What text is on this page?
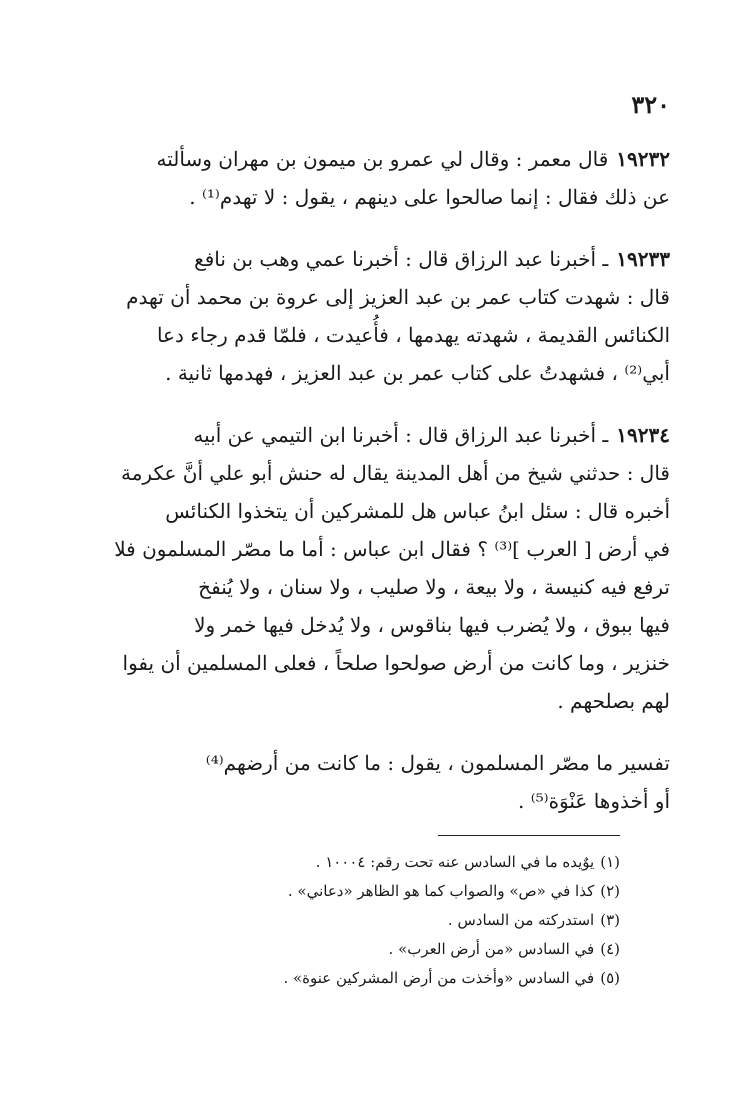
٣٢٠
١٩٢٣٢قال معمر : وقال لي عمرو بن ميمون بن مهران وسألته
عن ذلك فقال : إنما صالحوا على دينهم ، يقول : لا تهدم⁽¹⁾ .
١٩٢٣٣ـ أخبرنا عبد الرزاق قال : أخبرنا عمي وهب بن نافع
قال : شهدت كتاب عمر بن عبد العزيز إلى عروة بن محمد أن تهدم
الكنائس القديمة ، شهدته يهدمها ، فأُعيدت ، فلمّا قدم رجاء دعا
أبي⁽²⁾ ، فشهدتُ على كتاب عمر بن عبد العزيز ، فهدمها ثانية .
١٩٢٣٤ـ أخبرنا عبد الرزاق قال : أخبرنا ابن التيمي عن أبيه
قال : حدثني شيخ من أهل المدينة يقال له حنش أبو علي أنَّ عكرمة
أخبره قال : سئل ابنُ عباس هل للمشركين أن يتخذوا الكنائس
في أرض [ العرب ]⁽³⁾ ؟ فقال ابن عباس : أما ما مصّر المسلمون فلا
ترفع فيه كنيسة ، ولا بيعة ، ولا صليب ، ولا سنان ، ولا يُنفخ
فيها ببوق ، ولا يُضرب فيها بناقوس ، ولا يُدخل فيها خمر ولا
خنزير ، وما كانت من أرض صولحوا صلحاً ، فعلى المسلمين أن يفوا
لهم بصلحهم .
تفسير ما مصّر المسلمون ، يقول : ما كانت من أرضهم⁽⁴⁾
أو أخذوها عَنْوَة⁽⁵⁾ .
(١)يوٌيده ما في السادس عنه تحت رقم: ١٠٠٠٤ .
(٢)كذا في «ص» والصواب كما هو الظاهر «دعاني» .
(٣)استدركته من السادس .
(٤)في السادس «من أرض العرب» .
(٥)في السادس «وأخذت من أرض المشركين عنوة» .
